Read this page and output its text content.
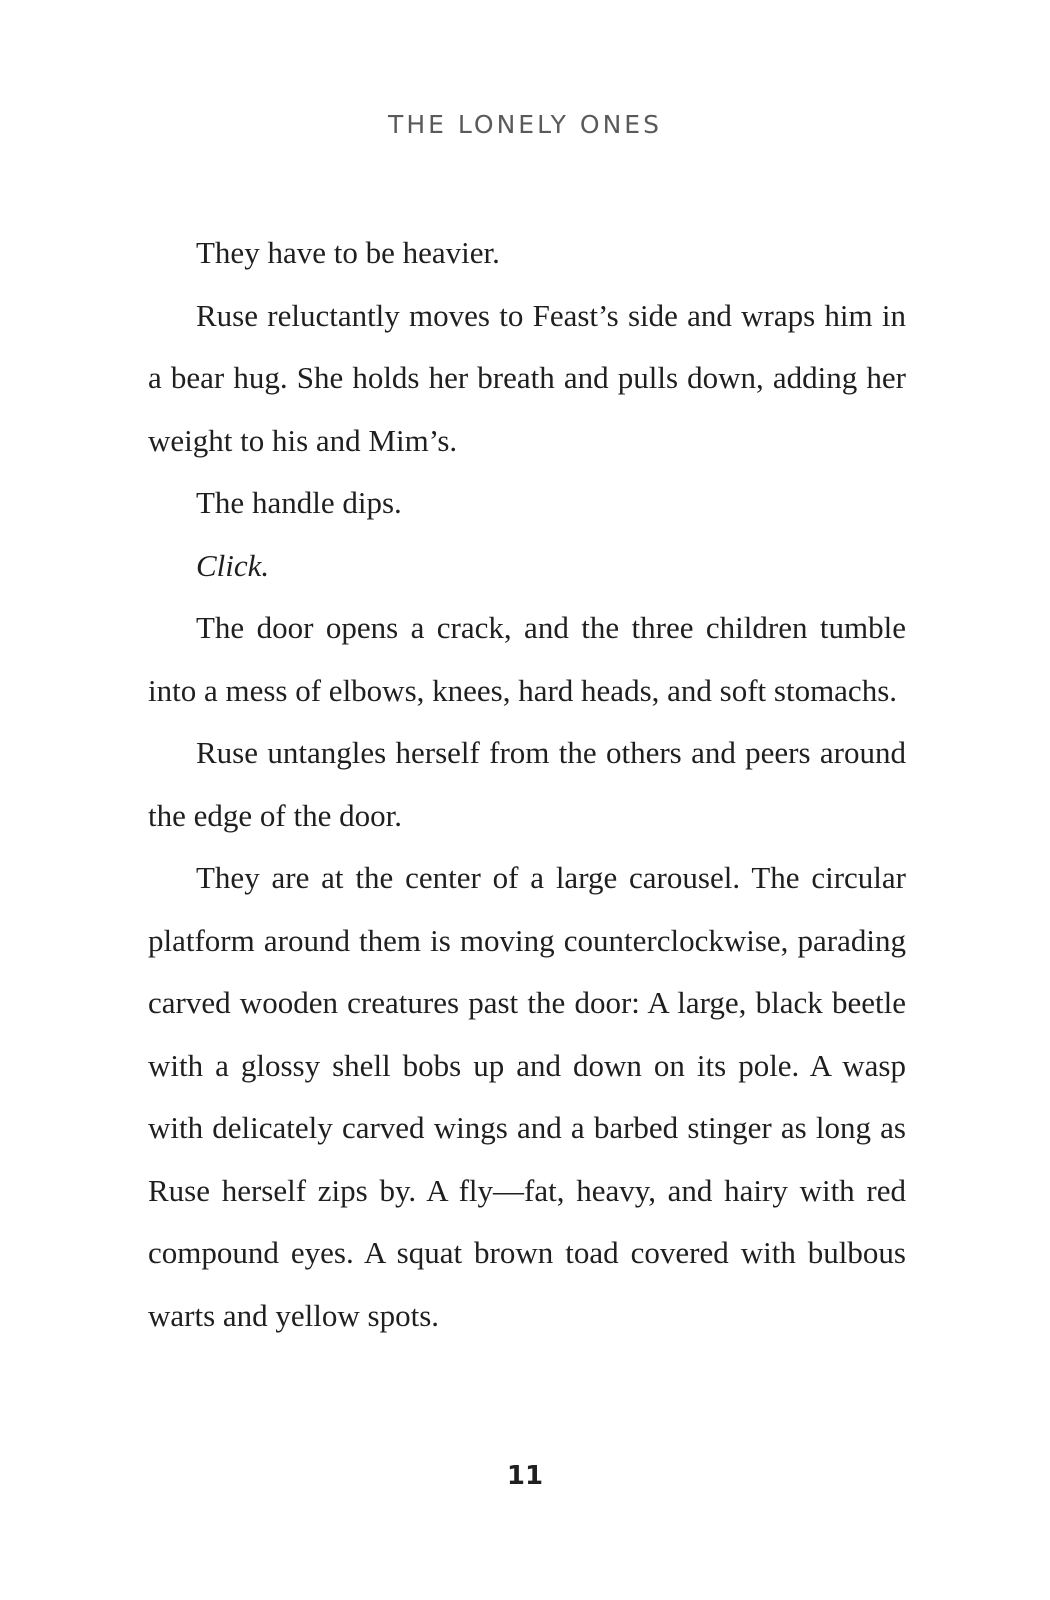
THE LONELY ONES

They have to be heavier.

Ruse reluctantly moves to Feast’s side and wraps him in a bear hug. She holds her breath and pulls down, adding her weight to his and Mim’s.

The handle dips.

Click.

The door opens a crack, and the three children tumble into a mess of elbows, knees, hard heads, and soft stomachs.

Ruse untangles herself from the others and peers around the edge of the door.

They are at the center of a large carousel. The circular platform around them is moving counterclockwise, parading carved wooden creatures past the door: A large, black beetle with a glossy shell bobs up and down on its pole. A wasp with delicately carved wings and a barbed stinger as long as Ruse herself zips by. A fly—fat, heavy, and hairy with red compound eyes. A squat brown toad covered with bulbous warts and yellow spots.

11
